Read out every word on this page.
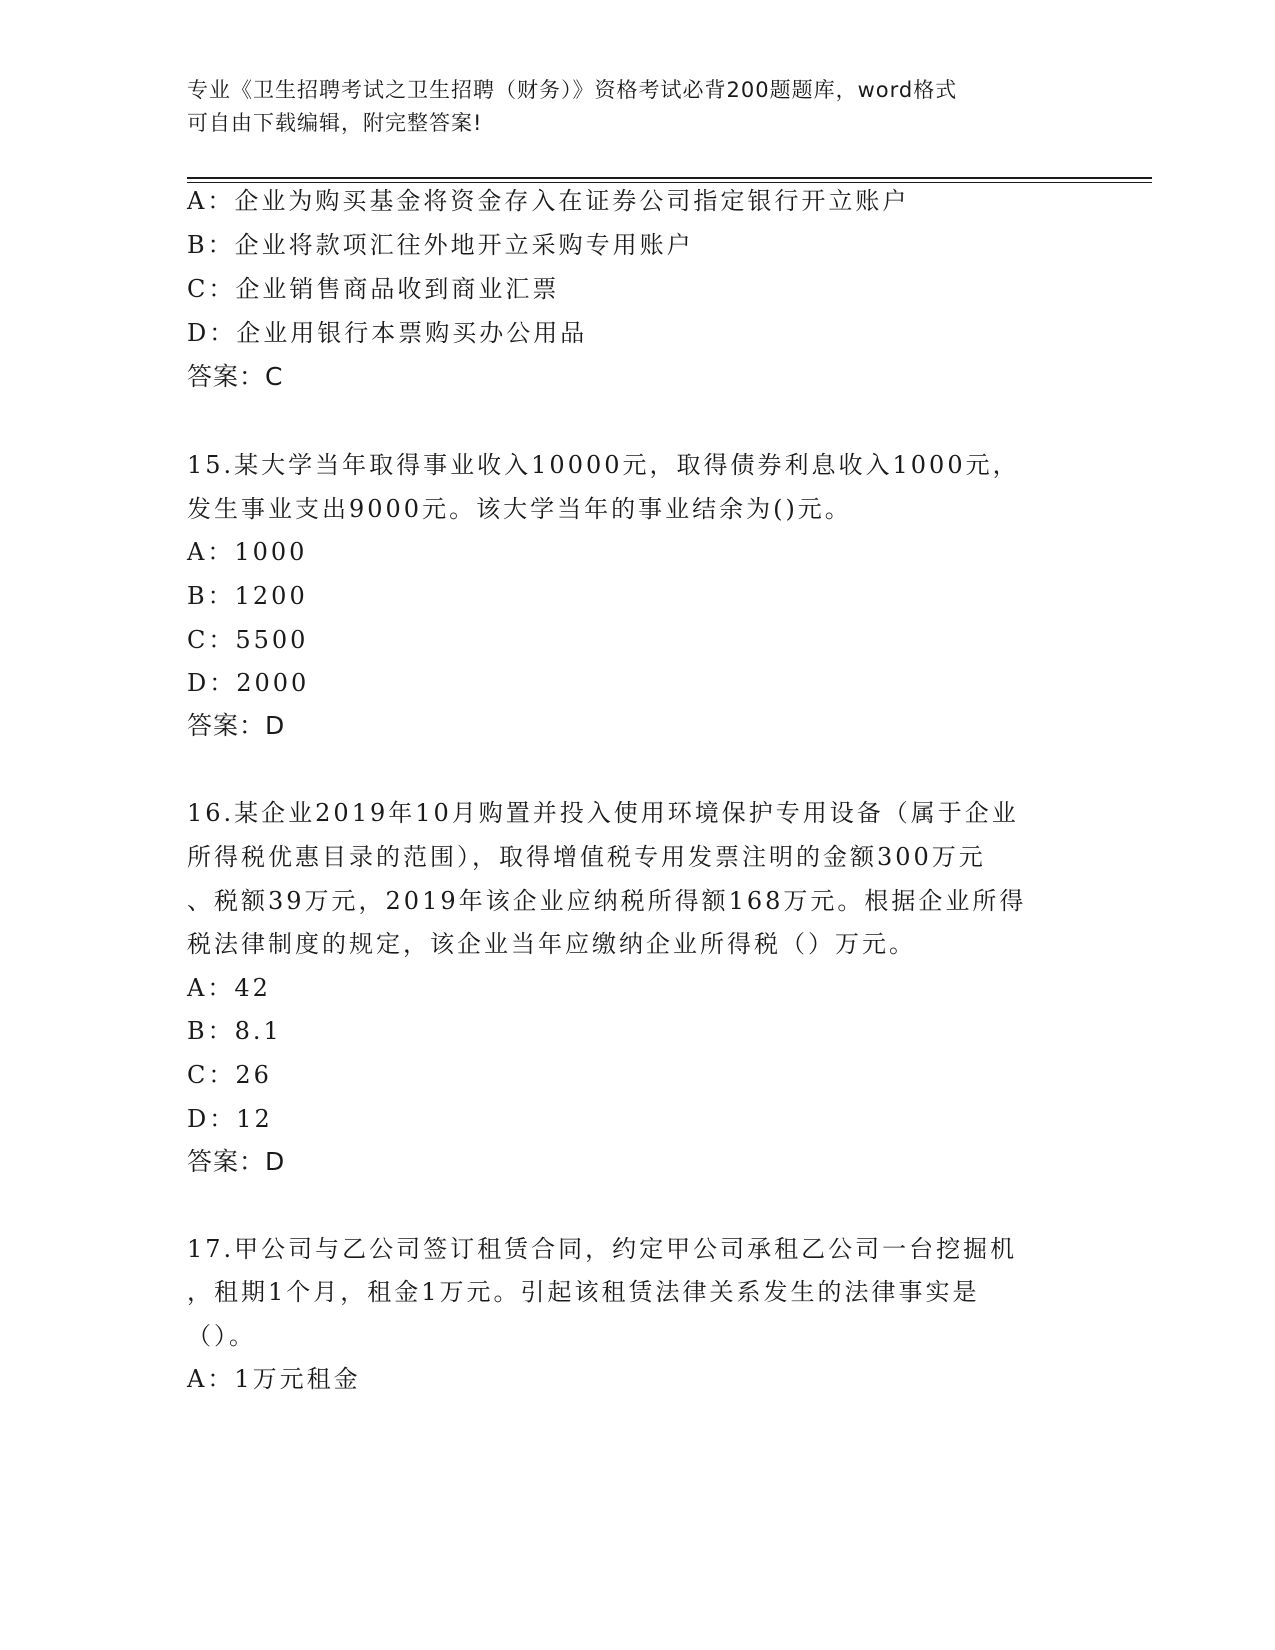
专业《卫生招聘考试之卫生招聘（财务）》资格考试必背200题题库，word格式
可自由下载编辑，附完整答案!
A：企业为购买基金将资金存入在证券公司指定银行开立账户
B：企业将款项汇往外地开立采购专用账户
C：企业销售商品收到商业汇票
D：企业用银行本票购买办公用品
答案：C
15.某大学当年取得事业收入10000元，取得债券利息收入1000元，
发生事业支出9000元。该大学当年的事业结余为()元。
A：1000
B：1200
C：5500
D：2000
答案：D
16.某企业2019年10月购置并投入使用环境保护专用设备（属于企业
所得税优惠目录的范围），取得增值税专用发票注明的金额300万元
、税额39万元，2019年该企业应纳税所得额168万元。根据企业所得
税法律制度的规定，该企业当年应缴纳企业所得税（）万元。
A：42
B：8.1
C：26
D：12
答案：D
17.甲公司与乙公司签订租赁合同，约定甲公司承租乙公司一台挖掘机
，租期1个月，租金1万元。引起该租赁法律关系发生的法律事实是
（）。
A：1万元租金
